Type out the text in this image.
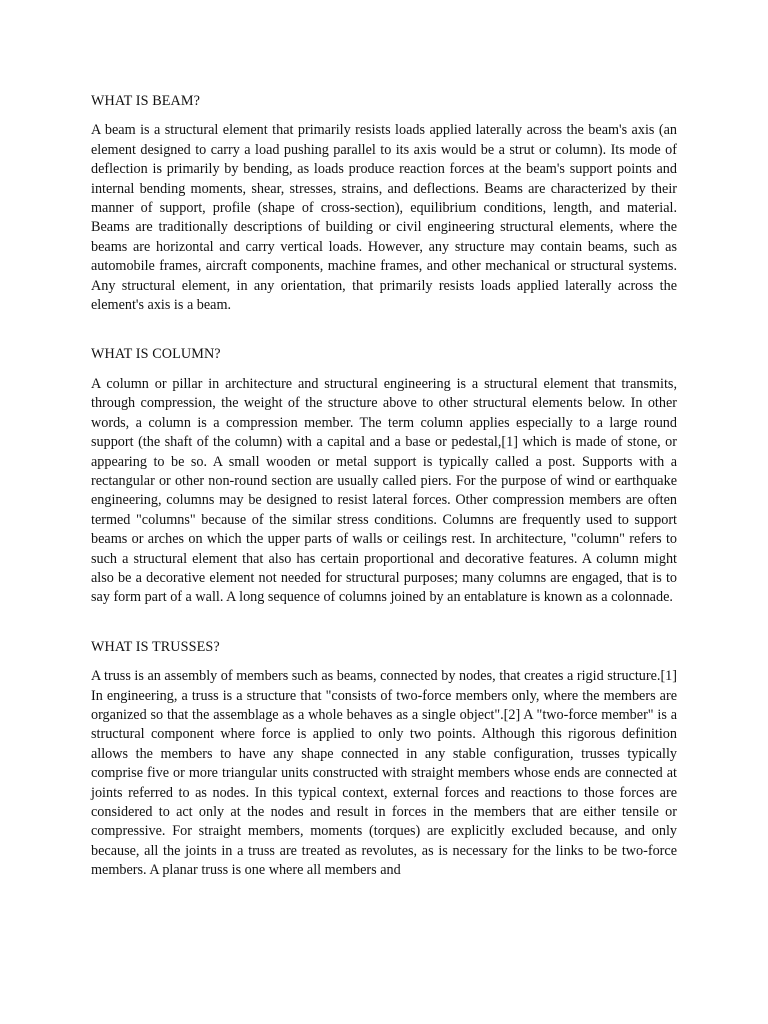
WHAT IS BEAM?

A beam is a structural element that primarily resists loads applied laterally across the beam's axis (an element designed to carry a load pushing parallel to its axis would be a strut or column). Its mode of deflection is primarily by bending, as loads produce reaction forces at the beam's support points and internal bending moments, shear, stresses, strains, and deflections. Beams are characterized by their manner of support, profile (shape of cross-section), equilibrium conditions, length, and material. Beams are traditionally descriptions of building or civil engineering structural elements, where the beams are horizontal and carry vertical loads. However, any structure may contain beams, such as automobile frames, aircraft components, machine frames, and other mechanical or structural systems. Any structural element, in any orientation, that primarily resists loads applied laterally across the element's axis is a beam.

WHAT IS COLUMN?

A column or pillar in architecture and structural engineering is a structural element that transmits, through compression, the weight of the structure above to other structural elements below. In other words, a column is a compression member. The term column applies especially to a large round support (the shaft of the column) with a capital and a base or pedestal,[1] which is made of stone, or appearing to be so. A small wooden or metal support is typically called a post. Supports with a rectangular or other non-round section are usually called piers. For the purpose of wind or earthquake engineering, columns may be designed to resist lateral forces. Other compression members are often termed "columns" because of the similar stress conditions. Columns are frequently used to support beams or arches on which the upper parts of walls or ceilings rest. In architecture, "column" refers to such a structural element that also has certain proportional and decorative features. A column might also be a decorative element not needed for structural purposes; many columns are engaged, that is to say form part of a wall. A long sequence of columns joined by an entablature is known as a colonnade.

WHAT IS TRUSSES?

A truss is an assembly of members such as beams, connected by nodes, that creates a rigid structure.[1] In engineering, a truss is a structure that "consists of two-force members only, where the members are organized so that the assemblage as a whole behaves as a single object".[2] A "two-force member" is a structural component where force is applied to only two points. Although this rigorous definition allows the members to have any shape connected in any stable configuration, trusses typically comprise five or more triangular units constructed with straight members whose ends are connected at joints referred to as nodes. In this typical context, external forces and reactions to those forces are considered to act only at the nodes and result in forces in the members that are either tensile or compressive. For straight members, moments (torques) are explicitly excluded because, and only because, all the joints in a truss are treated as revolutes, as is necessary for the links to be two-force members. A planar truss is one where all members and
